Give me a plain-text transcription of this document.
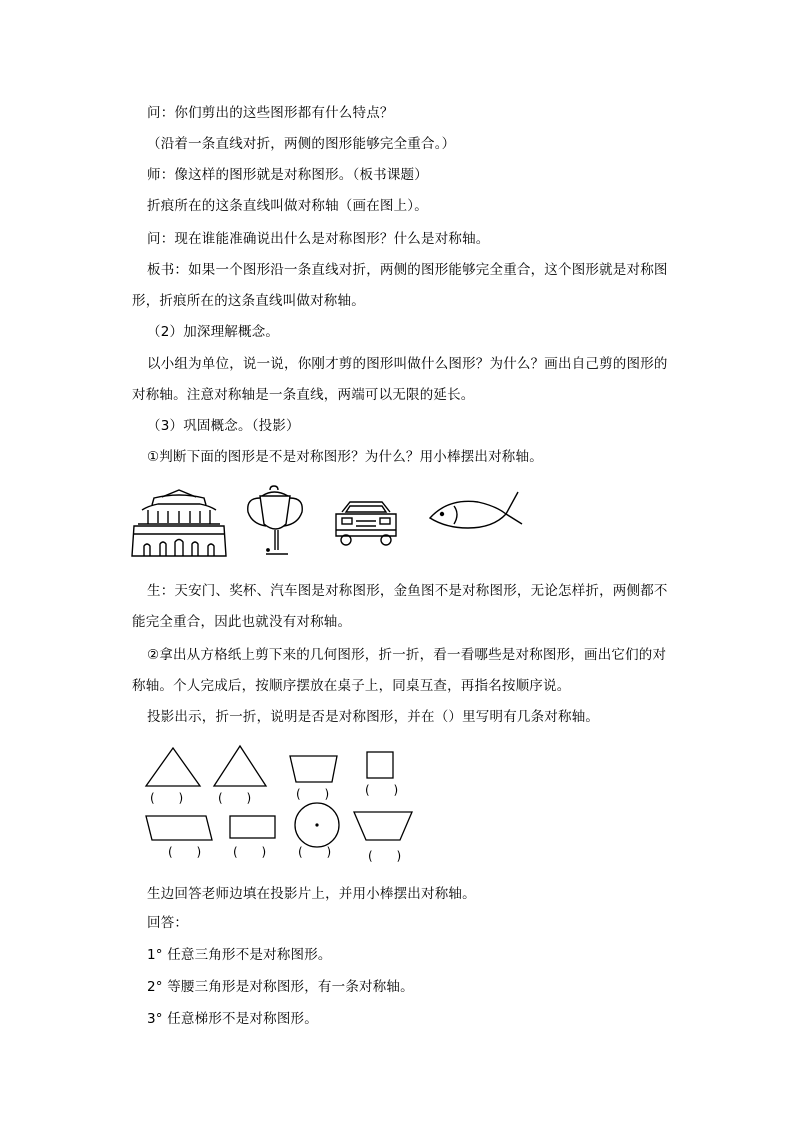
问：你们剪出的这些图形都有什么特点？
（沿着一条直线对折，两侧的图形能够完全重合。）
师：像这样的图形就是对称图形。（板书课题）
折痕所在的这条直线叫做对称轴（画在图上）。
问：现在谁能准确说出什么是对称图形？什么是对称轴。
板书：如果一个图形沿一条直线对折，两侧的图形能够完全重合，这个图形就是对称图
形，折痕所在的这条直线叫做对称轴。
（2）加深理解概念。
以小组为单位，说一说，你刚才剪的图形叫做什么图形？为什么？画出自己剪的图形的
对称轴。注意对称轴是一条直线，两端可以无限的延长。
（3）巩固概念。（投影）
①判断下面的图形是不是对称图形？为什么？用小棒摆出对称轴。
生：天安门、奖杯、汽车图是对称图形，金鱼图不是对称图形，无论怎样折，两侧都不
能完全重合，因此也就没有对称轴。
②拿出从方格纸上剪下来的几何图形，折一折，看一看哪些是对称图形，画出它们的对
称轴。个人完成后，按顺序摆放在桌子上，同桌互查，再指名按顺序说。
投影出示，折一折，说明是否是对称图形，并在（）里写明有几条对称轴。
( ) ( )	( ) ( )
( ) ( ) ( ) ( )
生边回答老师边填在投影片上，并用小棒摆出对称轴。
回答：
1° 任意三角形不是对称图形。
2° 等腰三角形是对称图形，有一条对称轴。
3° 任意梯形不是对称图形。
